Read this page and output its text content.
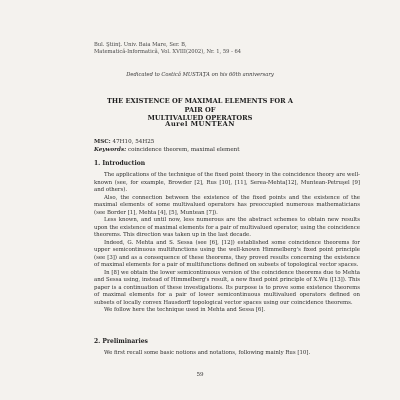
Bul. Ştiinţ. Univ. Baia Mare, Ser. B,
Matematică-Informatică, Vol. XVIII(2002), Nr. 1, 59 - 64
Dedicated to Costică MUSTAŢA on his 60th anniversary
THE EXISTENCE OF MAXIMAL ELEMENTS FOR A PAIR OF
MULTIVALUED OPERATORS
Aurel MUNTEAN
MSC: 47H10, 54H25
Keywords: coincidence theorem, maximal element
1. Introduction

The applications of the technique of the fixed point theory in the coincidence theory are well-known (see, for example, Browder [2], Rus [10], [11], Serea-Mehta[12], Muntean-Petruşel [9] and others).

Also, the connection between the existence of the fixed points and the existence of the maximal elements of some multivalued operators has preoccupied numerous mathematicians (see Border [1], Mehta [4], [5], Muntean [7]).

Less known, and until now, less numerous are the abstract schemes to obtain new results upon the existence of maximal elements for a pair of multivalued operator, using the coincidence theorems. This direction was taken up in the last decade.

Indeed, G. Mehta and S. Sessa (see [6], [12]) established some coincidence theorems for upper semicontinuous multifunctions using the well-known Himmelberg's fixed point principle (see [3]) and as a consequence of these theorems, they proved results concerning the existence of maximal elements for a pair of multifunctions defined on subsets of topological vector spaces.

In [8] we obtain the lower semicontinuous version of the coincidence theorems due to Mehta and Sessa using, instead of Himmelberg's result, a new fixed point principle of X.Wu ([13]). This paper is a continuation of these investigations. Its purpose is to prove some existence theorems of maximal elements for a pair of lower semicontinuous multivalued operators defined on subsets of locally convex Hausdorff topological vector spaces using our coincidence theorems.

We follow here the technique used in Mehta and Sessa [6].

2. Preliminaries

We first recall some basic notions and notations, following mainly Rus [10].

59
